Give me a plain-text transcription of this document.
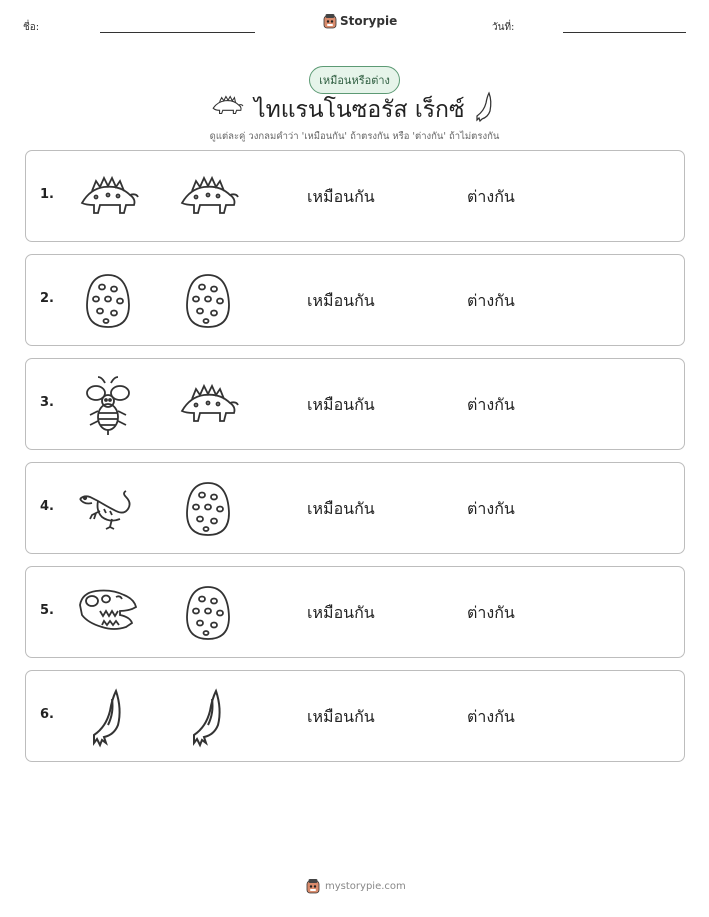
ชื่อ:	Storypie	วันที่:
เหมือนหรือต่าง
ไทแรนโนซอรัส เร็กซ์
ดูแต่ละคู่ วงกลมคำว่า 'เหมือนกัน' ถ้าตรงกัน หรือ 'ต่างกัน' ถ้าไม่ตรงกัน
1.	เหมือนกัน	ต่างกัน
2.	เหมือนกัน	ต่างกัน
3.	เหมือนกัน	ต่างกัน
4.	เหมือนกัน	ต่างกัน
5.	เหมือนกัน	ต่างกัน
6.	เหมือนกัน	ต่างกัน
mystorypie.com
